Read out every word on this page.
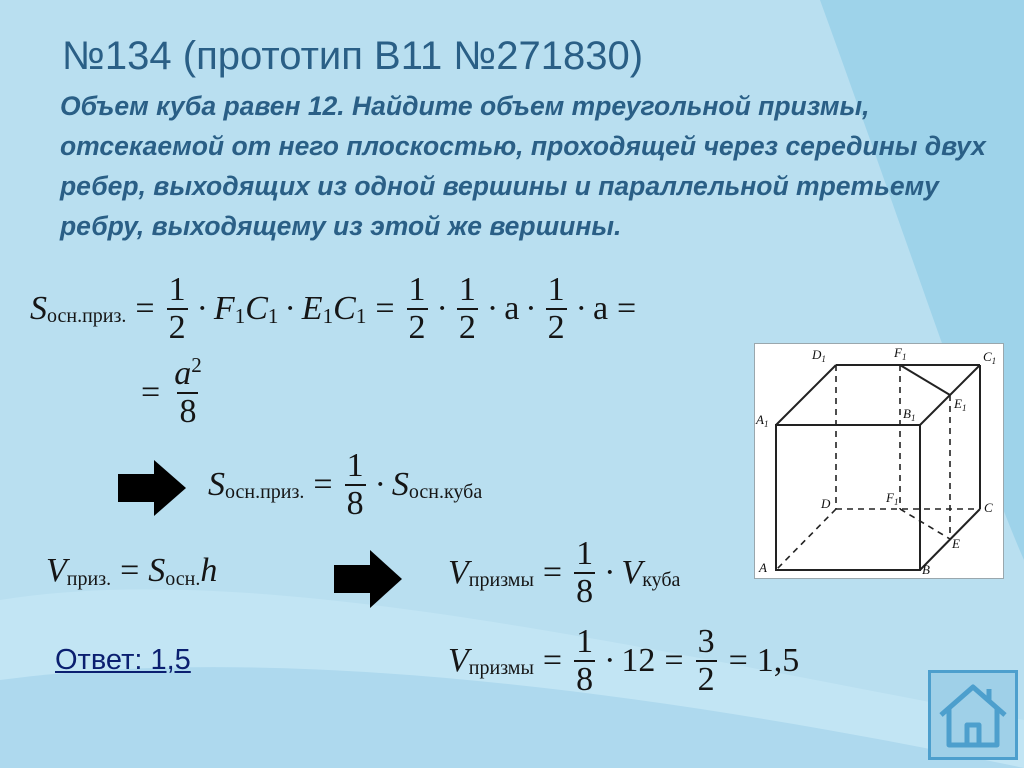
№134 (прототип B11 №271830)

Объем куба равен 12. Найдите объем треугольной призмы, отсекаемой от него плоскостью, проходящей через середины двух ребер, выходящих из одной вершины и параллельной третьему ребру, выходящему из этой же вершины.

S осн.приз. = $\frac{1}{2} \cdot F$ 1 C 1 · E 1 C $1 = \frac{1}{2} \cdot \frac{1}{2} \cdot a \cdot \frac{1}{2} \cdot a$ =
= $\frac{a^2}{8}$
S осн.приз. = $\frac{1}{8} \cdot S$ осн.куба
V приз. = S осн. h	V призмы = $\frac{1}{8} \cdot V$ куба
V призмы = $\frac{1}{8} \cdot 12 = \frac{3}{2} = 1,5$
$D_1$	$F_1$	$C_1$
$A_1$
$B_1$
$E_1$
D	$F_1$	C
A
E
B

Ответ: 1,5
